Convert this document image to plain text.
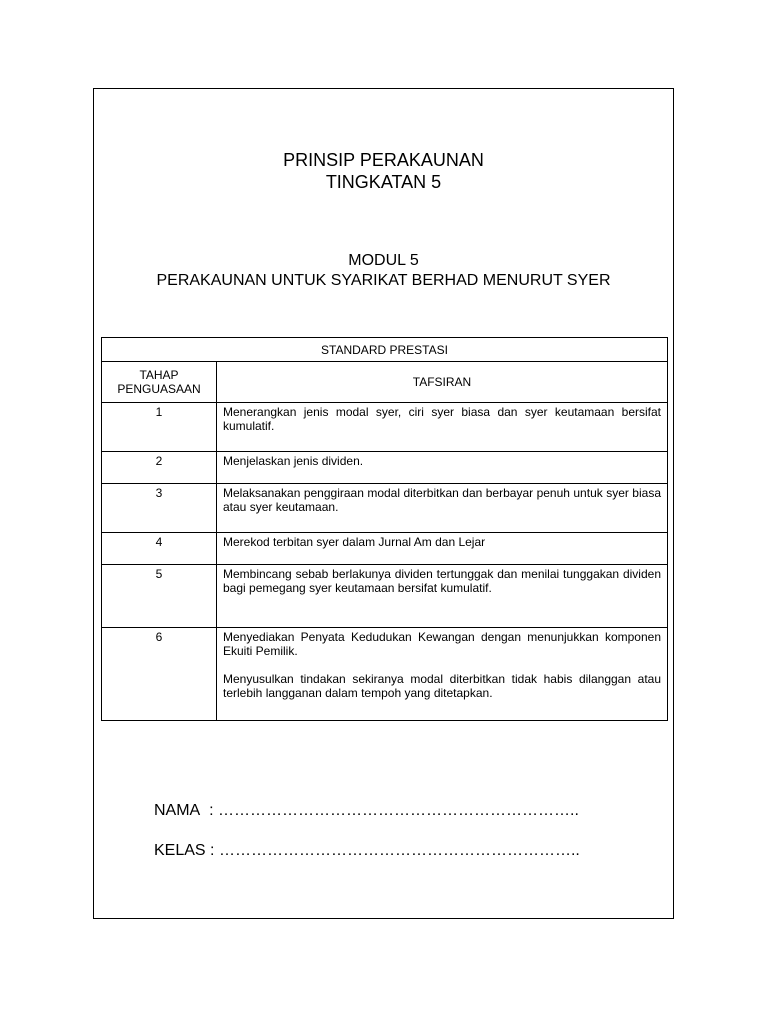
PRINSIP PERAKAUNAN
TINGKATAN 5
MODUL 5
PERAKAUNAN UNTUK SYARIKAT BERHAD MENURUT SYER
STANDARD PRESTASI	

TAHAP
PENGUASAAN	TAFSIRAN
1	Menerangkan jenis modal syer, ciri syer biasa dan syer keutamaan bersifat kumulatif.

2	Menjelaskan jenis dividen.

3	Melaksanakan penggiraan modal diterbitkan dan berbayar penuh untuk syer biasa atau syer keutamaan.

4	Merekod terbitan syer dalam Jurnal Am dan Lejar

5	Membincang sebab berlakunya dividen tertunggak dan menilai tunggakan dividen bagi pemegang syer keutamaan bersifat kumulatif.

6	Menyediakan Penyata Kedudukan Kewangan dengan menunjukkan komponen Ekuiti Pemilik.
Menyusulkan tindakan sekiranya modal diterbitkan tidak habis dilanggan atau terlebih langganan dalam tempoh yang ditetapkan.
NAMA  : …………………………………………………………..
KELAS : …………………………………………………………..
